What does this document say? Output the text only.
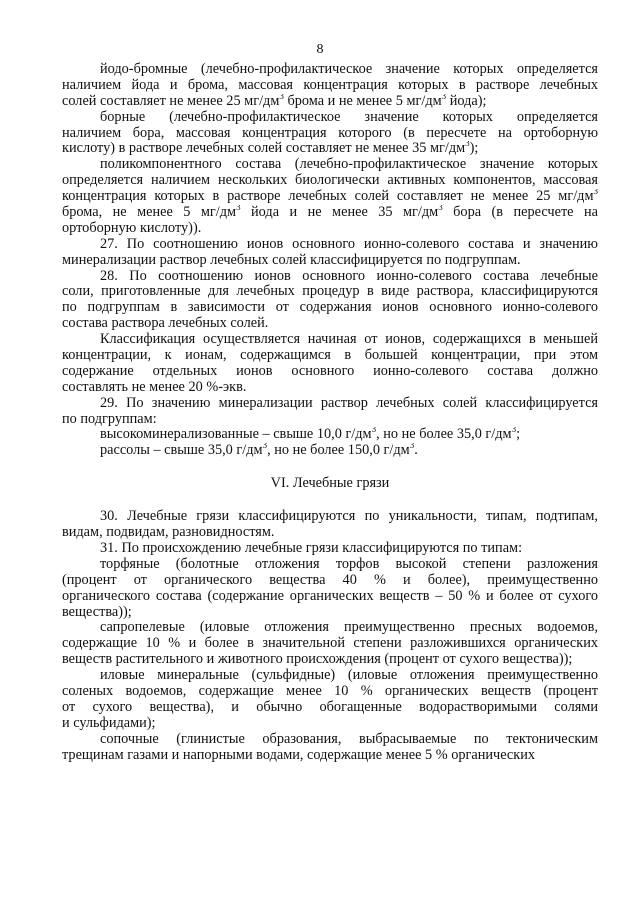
8
йодо-бромные (лечебно-профилактическое значение которых определяется
наличием йода и брома, массовая концентрация которых в растворе лечебных
солей составляет не менее 25 $мг/дм^3$ брома и не менее 5 $мг/дм^3$ йода);
борные (лечебно-профилактическое значение которых определяется
наличием бора, массовая концентрация которого (в пересчете на ортоборную
кислоту) в растворе лечебных солей составляет не менее 35 $мг/дм^3$);
поликомпонентного состава (лечебно-профилактическое значение которых
определяется наличием нескольких биологически активных компонентов, массовая
концентрация которых в растворе лечебных солей составляет не менее 25 $мг/дм^3$
брома, не менее 5 $мг/дм^3$ йода и не менее 35 $мг/дм^3$ бора (в пересчете на
ортоборную кислоту)).
27. По соотношению ионов основного ионно-солевого состава и значению
минерализации раствор лечебных солей классифицируется по подгруппам.
28. По соотношению ионов основного ионно-солевого состава лечебные
соли, приготовленные для лечебных процедур в виде раствора, классифицируются
по подгруппам в зависимости от содержания ионов основного ионно-солевого
состава раствора лечебных солей.
Классификация осуществляется начиная от ионов, содержащихся в меньшей
концентрации, к ионам, содержащимся в большей концентрации, при этом
содержание отдельных ионов основного ионно-солевого состава должно
составлять не менее 20 %-экв.
29. По значению минерализации раствор лечебных солей классифицируется
по подгруппам:
высокоминерализованные – свыше 10,0 $г/дм^3$, но не более 35,0 $г/дм^3$;
рассолы – свыше 35,0 $г/дм^3$, но не более 150,0 $г/дм^3$.
VI. Лечебные грязи
30. Лечебные грязи классифицируются по уникальности, типам, подтипам,
видам, подвидам, разновидностям.
31. По происхождению лечебные грязи классифицируются по типам:
торфяные (болотные отложения торфов высокой степени разложения
(процент от органического вещества 40 % и более), преимущественно
органического состава (содержание органических веществ – 50 % и более от сухого
вещества));
сапропелевые (иловые отложения преимущественно пресных водоемов,
содержащие 10 % и более в значительной степени разложившихся органических
веществ растительного и животного происхождения (процент от сухого вещества));
иловые минеральные (сульфидные) (иловые отложения преимущественно
соленых водоемов, содержащие менее 10 % органических веществ (процент
от сухого вещества), и обычно обогащенные водорастворимыми солями
и сульфидами);
сопочные (глинистые образования, выбрасываемые по тектоническим
трещинам газами и напорными водами, содержащие менее 5 % органических
